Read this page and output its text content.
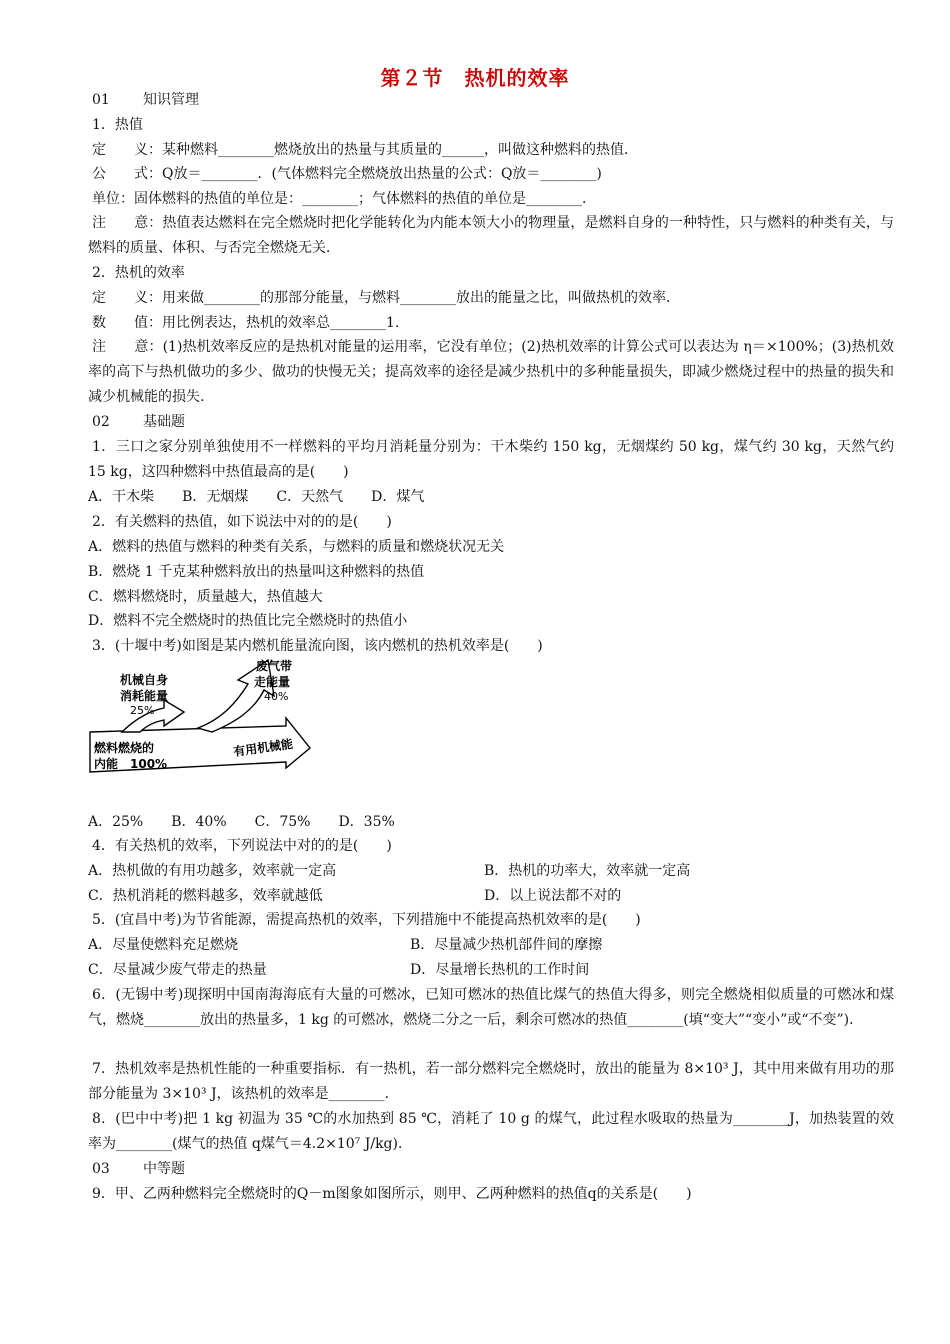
第２节　热机的效率
01 知识管理
1．热值
定　　义：某种燃料________燃烧放出的热量与其质量的______，叫做这种燃料的热值．
公　　式：Q放＝________．(气体燃料完全燃烧放出热量的公式：Q放＝________)
单位：固体燃料的热值的单位是：________；气体燃料的热值的单位是________．
注　　意：热值表达燃料在完全燃烧时把化学能转化为内能本领大小的物理量，是燃料自身的一种特性，只与燃料的种类有关，与燃料的质量、体积、与否完全燃烧无关．
2．热机的效率
定　　义：用来做________的那部分能量，与燃料________放出的能量之比，叫做热机的效率．
数　　值：用比例表达，热机的效率总________1.
注　　意：(1)热机效率反应的是热机对能量的运用率，它没有单位；(2)热机效率的计算公式可以表达为 η＝×100%；(3)热机效率的高下与热机做功的多少、做功的快慢无关；提高效率的途径是减少热机中的多种能量损失，即减少燃烧过程中的热量的损失和减少机械能的损失.
02 基础题
1．三口之家分别单独使用不一样燃料的平均月消耗量分别为：干木柴约 150 kg，无烟煤约 50 kg，煤气约 30 kg，天然气约 15 kg，这四种燃料中热值最高的是(　　)
A．干木柴　　B．无烟煤　　C．天然气　　D．煤气
2．有关燃料的热值，如下说法中对的的是(　　)
A．燃料的热值与燃料的种类有关系，与燃料的质量和燃烧状况无关
B．燃烧 1 千克某种燃料放出的热量叫这种燃料的热值
C．燃料燃烧时，质量越大，热值越大
D．燃料不完全燃烧时的热值比完全燃烧时的热值小
3．(十堰中考)如图是某内燃机能量流向图，该内燃机的热机效率是(　　)
机械自身
消耗能量
25%
废气带
走能量
40%
燃料燃烧的
内能　100%
有用机械能
A．25%　　B．40%　　C．75%　　D．35%
4．有关热机的效率，下列说法中对的的是(　　)
A．热机做的有用功越多，效率就一定高	B．热机的功率大，效率就一定高
C．热机消耗的燃料越多，效率就越低	D．以上说法都不对的
5．(宜昌中考)为节省能源，需提高热机的效率，下列措施中不能提高热机效率的是(　　)
A．尽量使燃料充足燃烧	B．尽量减少热机部件间的摩擦
C．尽量减少废气带走的热量	D．尽量增长热机的工作时间
6．(无锡中考)现探明中国南海海底有大量的可燃冰，已知可燃冰的热值比煤气的热值大得多，则完全燃烧相似质量的可燃冰和煤气，燃烧________放出的热量多，1 kg 的可燃冰，燃烧二分之一后，剩余可燃冰的热值________(填“变大”“变小”或“不变”)．
7．热机效率是热机性能的一种重要指标．有一热机，若一部分燃料完全燃烧时，放出的能量为 8×10³ J，其中用来做有用功的那部分能量为 3×10³ J，该热机的效率是________．
8．(巴中中考)把 1 kg 初温为 35 ℃的水加热到 85 ℃，消耗了 10 g 的煤气，此过程水吸取的热量为________J，加热装置的效率为________(煤气的热值 q煤气＝4.2×10⁷ J/kg)．
03 中等题
9．甲、乙两种燃料完全燃烧时的Q－m图象如图所示，则甲、乙两种燃料的热值q的关系是(　　)
